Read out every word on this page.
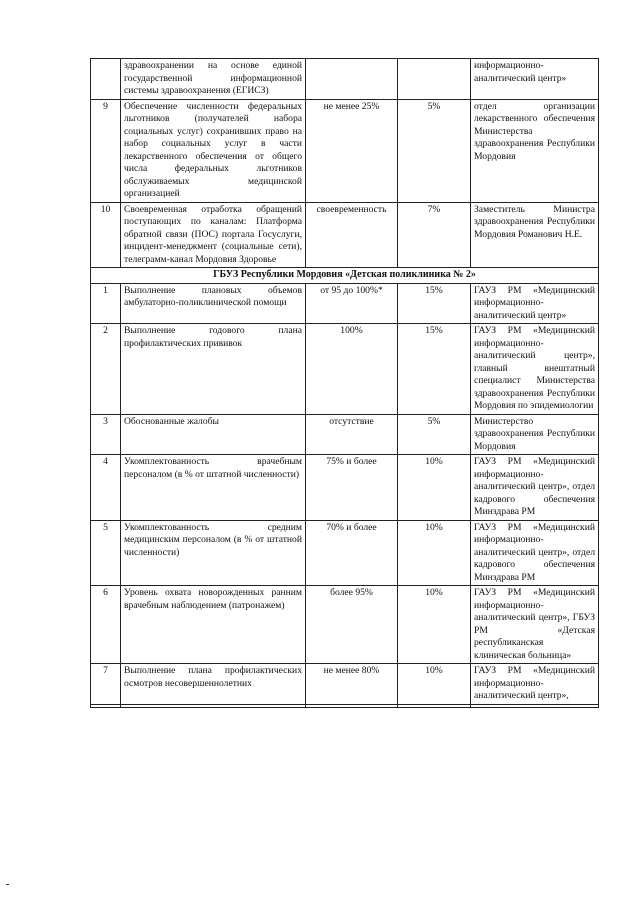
	здравоохранении на основе единой государственной информационной системы здравоохранения (ЕГИСЗ)			информационно-аналитический центр»
9	Обеспечение численности федеральных льготников (получателей набора социальных услуг) сохранивших право на набор социальных услуг в части лекарственного обеспечения от общего числа федеральных льготников обслуживаемых медицинской организацией	не менее 25%	5%	отдел организации лекарственного обеспечения Министерства здравоохранения Республики Мордовия
10	Своевременная отработка обращений поступающих по каналам: Платформа обратной связи (ПОС) портала Госуслуги, инцидент-менеджмент (социальные сети), телеграмм-канал Мордовия Здоровье	своевременность	7%	Заместитель Министра здравоохранения Республики Мордовия Романович Н.Е.
ГБУЗ Республики Мордовия «Детская поликлиника № 2»				
1	Выполнение плановых объемов амбулаторно-поликлинической помощи	от 95 до 100%*	15%	ГАУЗ РМ «Медицинский информационно-аналитический центр»
2	Выполнение годового плана профилактических прививок	100%	15%	ГАУЗ РМ «Медицинский информационно-аналитический центр», главный внештатный специалист Министерства здравоохранения Республики Мордовия по эпидемиологии
3	Обоснованные жалобы	отсутствие	5%	Министерство здравоохранения Республики Мордовия
4	Укомплектованность врачебным персоналом (в % от штатной численности)	75% и более	10%	ГАУЗ РМ «Медицинский информационно-аналитический центр», отдел кадрового обеспечения Минздрава РМ
5	Укомплектованность средним медицинским персоналом (в % от штатной численности)	70% и более	10%	ГАУЗ РМ «Медицинский информационно-аналитический центр», отдел кадрового обеспечения Минздрава РМ
6	Уровень охвата новорожденных ранним врачебным наблюдением (патронажем)	более 95%	10%	ГАУЗ РМ «Медицинский информационно-аналитический центр», ГБУЗ РМ «Детская республиканская клиническая больница»
7	Выполнение плана профилактических осмотров несовершеннолетних	не менее 80%	10%	ГАУЗ РМ «Медицинский информационно-аналитический центр»,
